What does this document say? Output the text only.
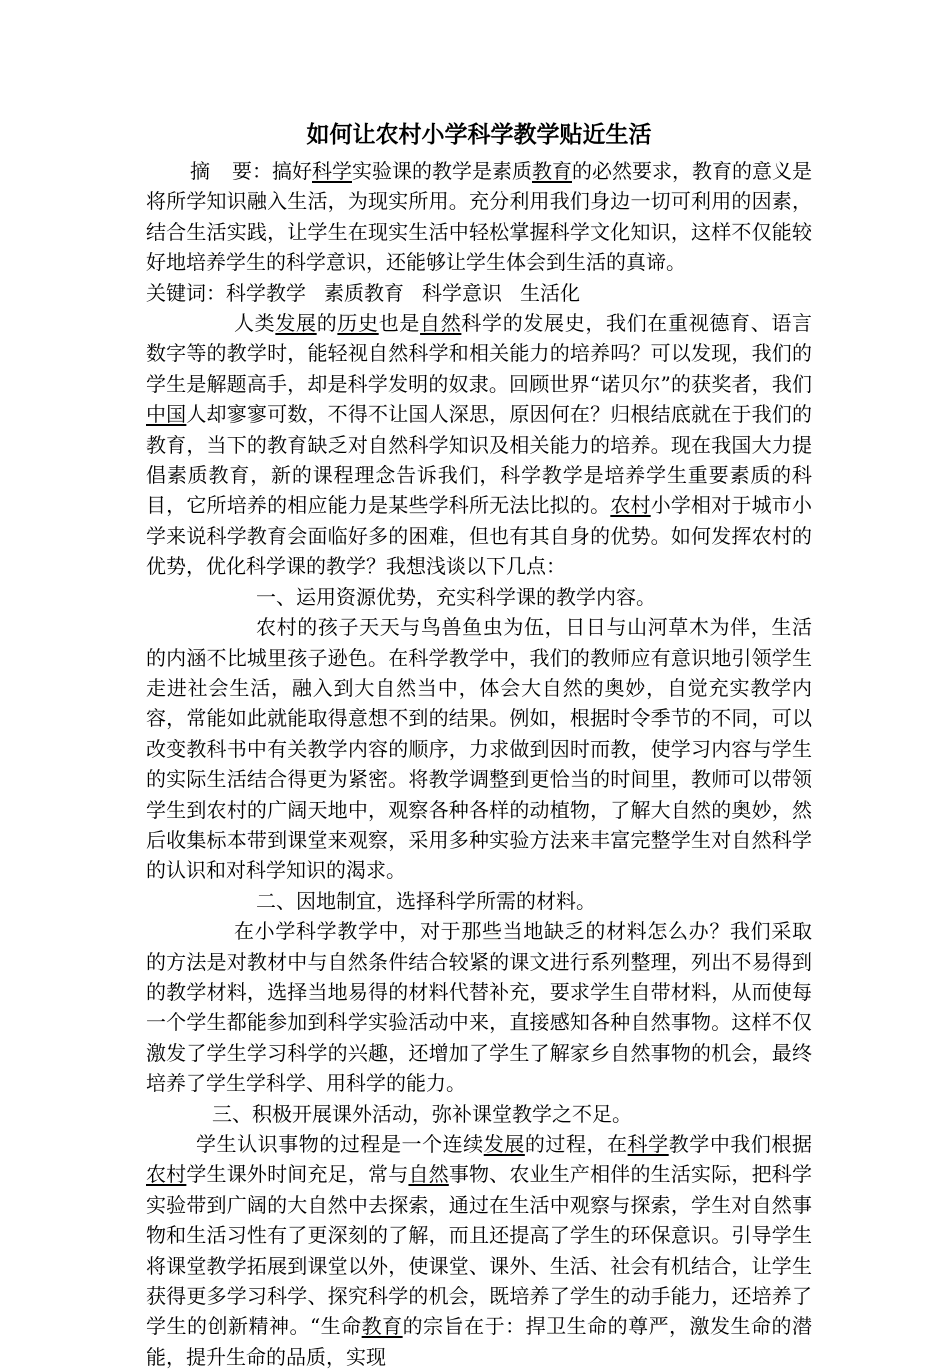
如何让农村小学科学教学贴近生活

摘 要：搞好科学实验课的教学是素质教育的必然要求，教育的意义是将所学知识融入生活，为现实所用。充分利用我们身边一切可利用的因素，结合生活实践，让学生在现实生活中轻松掌握科学文化知识，这样不仅能较好地培养学生的科学意识，还能够让学生体会到生活的真谛。

关键词：科学教学 素质教育 科学意识 生活化

人类发展的历史也是自然科学的发展史，我们在重视德育、语言数字等的教学时，能轻视自然科学和相关能力的培养吗？可以发现，我们的学生是解题高手，却是科学发明的奴隶。回顾世界“诺贝尔”的获奖者，我们中国人却寥寥可数，不得不让国人深思，原因何在？归根结底就在于我们的教育，当下的教育缺乏对自然科学知识及相关能力的培养。现在我国大力提倡素质教育，新的课程理念告诉我们，科学教学是培养学生重要素质的科目，它所培养的相应能力是某些学科所无法比拟的。农村小学相对于城市小学来说科学教育会面临好多的困难，但也有其自身的优势。如何发挥农村的优势，优化科学课的教学？我想浅谈以下几点：

一、运用资源优势，充实科学课的教学内容。

农村的孩子天天与鸟兽鱼虫为伍，日日与山河草木为伴，生活的内涵不比城里孩子逊色。在科学教学中，我们的教师应有意识地引领学生走进社会生活，融入到大自然当中，体会大自然的奥妙，自觉充实教学内容，常能如此就能取得意想不到的结果。例如，根据时令季节的不同，可以改变教科书中有关教学内容的顺序，力求做到因时而教，使学习内容与学生的实际生活结合得更为紧密。将教学调整到更恰当的时间里，教师可以带领学生到农村的广阔天地中，观察各种各样的动植物，了解大自然的奥妙，然后收集标本带到课堂来观察，采用多种实验方法来丰富完整学生对自然科学的认识和对科学知识的渴求。

二、因地制宜，选择科学所需的材料。

在小学科学教学中，对于那些当地缺乏的材料怎么办？我们采取的方法是对教材中与自然条件结合较紧的课文进行系列整理，列出不易得到的教学材料，选择当地易得的材料代替补充，要求学生自带材料，从而使每一个学生都能参加到科学实验活动中来，直接感知各种自然事物。这样不仅激发了学生学习科学的兴趣，还增加了学生了解家乡自然事物的机会，最终培养了学生学科学、用科学的能力。

三、积极开展课外活动，弥补课堂教学之不足。

学生认识事物的过程是一个连续发展的过程，在科学教学中我们根据农村学生课外时间充足，常与自然事物、农业生产相伴的生活实际，把科学实验带到广阔的大自然中去探索，通过在生活中观察与探索，学生对自然事物和生活习性有了更深刻的了解，而且还提高了学生的环保意识。引导学生将课堂教学拓展到课堂以外，使课堂、课外、生活、社会有机结合，让学生获得更多学习科学、探究科学的机会，既培养了学生的动手能力，还培养了学生的创新精神。“生命教育的宗旨在于：捍卫生命的尊严，激发生命的潜能，提升生命的品质，实现
